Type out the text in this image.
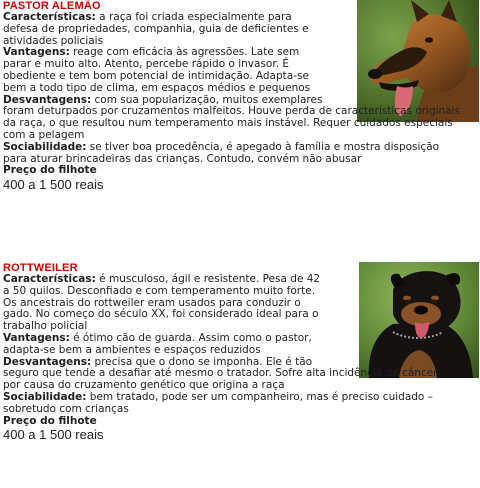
PASTOR ALEMÃO
Características: a raça foi criada especialmente para
defesa de propriedades, companhia, guia de deficientes e
atividades policiais
Vantagens: reage com eficácia às agressões. Late sem
parar e muito alto. Atento, percebe rápido o invasor. É
obediente e tem bom potencial de intimidação. Adapta-se
bem a todo tipo de clima, em espaços médios e pequenos
Desvantagens: com sua popularização, muitos exemplares
foram deturpados por cruzamentos malfeitos. Houve perda de características originais
da raça, o que resultou num temperamento mais instável. Requer cuidados especiais
com a pelagem
Sociabilidade: se tiver boa procedência, é apegado à família e mostra disposição
para aturar brincadeiras das crianças. Contudo, convém não abusar
Preço do filhote
400 a 1 500 reais
ROTTWEILER
Características: é musculoso, ágil e resistente. Pesa de 42
a 50 quilos. Desconfiado e com temperamento muito forte.
Os ancestrais do rottweiler eram usados para conduzir o
gado. No começo do século XX, foi considerado ideal para o
trabalho policial
Vantagens: é ótimo cão de guarda. Assim como o pastor,
adapta-se bem a ambientes e espaços reduzidos
Desvantagens: precisa que o dono se imponha. Ele é tão
seguro que tende a desafiar até mesmo o tratador. Sofre alta incidência de câncer,
por causa do cruzamento genético que origina a raça
Sociabilidade: bem tratado, pode ser um companheiro, mas é preciso cuidado –
sobretudo com crianças
Preço do filhote
400 a 1 500 reais
